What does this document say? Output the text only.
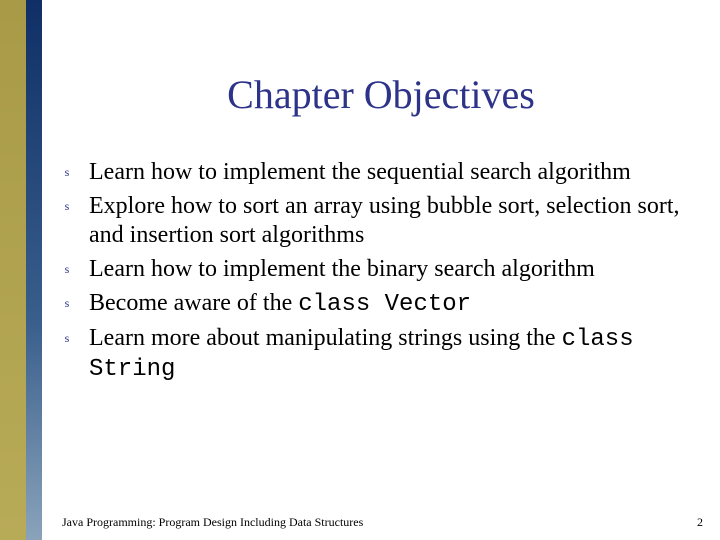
Chapter Objectives
s Learn how to implement the sequential search algorithm
s Explore how to sort an array using bubble sort, selection sort, and insertion sort algorithms
s Learn how to implement the binary search algorithm
s Become aware of the class Vector
s Learn more about manipulating strings using the class String
Java Programming: Program Design Including Data Structures	2
